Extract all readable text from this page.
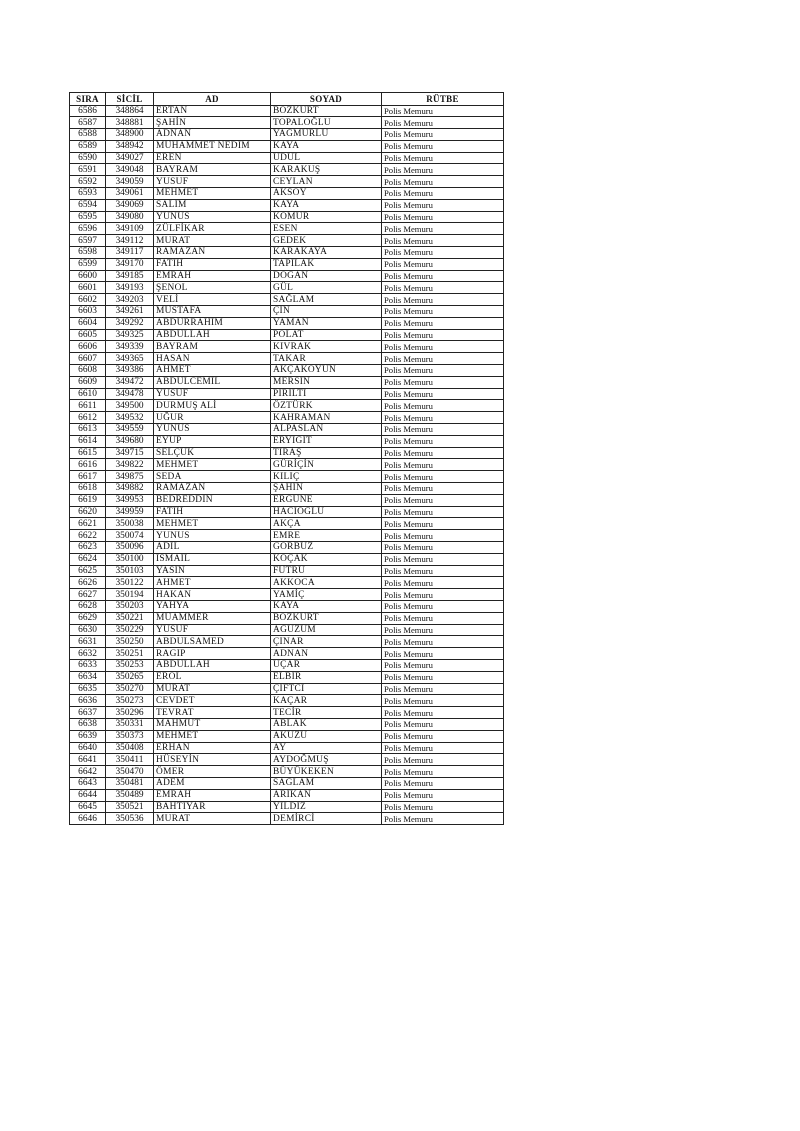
SIRA	SİCİL	AD	SOYAD	RÜTBE
6586	348864	ERTAN	BOZKURT	Polis Memuru
6587	348881	ŞAHİN	TOPALOĞLU	Polis Memuru
6588	348900	ADNAN	YAĞMURLU	Polis Memuru
6589	348942	MUHAMMET NEDİM	KAYA	Polis Memuru
6590	349027	EREN	UDÜL	Polis Memuru
6591	349048	BAYRAM	KARAKUŞ	Polis Memuru
6592	349059	YUSUF	CEYLAN	Polis Memuru
6593	349061	MEHMET	AKSOY	Polis Memuru
6594	349069	SALİM	KAYA	Polis Memuru
6595	349080	YUNUS	KÖMÜR	Polis Memuru
6596	349109	ZÜLFİKAR	ESEN	Polis Memuru
6597	349112	MURAT	GEDEK	Polis Memuru
6598	349117	RAMAZAN	KARAKAYA	Polis Memuru
6599	349170	FATİH	TAPILAK	Polis Memuru
6600	349185	EMRAH	DOĞAN	Polis Memuru
6601	349193	ŞENOL	GÜL	Polis Memuru
6602	349203	VELİ	SAĞLAM	Polis Memuru
6603	349261	MUSTAFA	ÇİN	Polis Memuru
6604	349292	ABDURRAHİM	YAMAN	Polis Memuru
6605	349325	ABDULLAH	POLAT	Polis Memuru
6606	349339	BAYRAM	KIVRAK	Polis Memuru
6607	349365	HASAN	TAKAR	Polis Memuru
6608	349386	AHMET	AKÇAKOYUN	Polis Memuru
6609	349472	ABDULCEMİL	MERSİN	Polis Memuru
6610	349478	YUSUF	PIRILTI	Polis Memuru
6611	349500	DURMUŞ ALİ	ÖZTÜRK	Polis Memuru
6612	349532	UĞUR	KAHRAMAN	Polis Memuru
6613	349559	YUNUS	ALPASLAN	Polis Memuru
6614	349680	EYÜP	ERYİĞİT	Polis Memuru
6615	349715	SELÇUK	TIRAŞ	Polis Memuru
6616	349822	MEHMET	GÜRİÇİN	Polis Memuru
6617	349875	SEDA	KILIÇ	Polis Memuru
6618	349882	RAMAZAN	ŞAHİN	Polis Memuru
6619	349953	BEDREDDİN	ERGÜNE	Polis Memuru
6620	349959	FATİH	HACIOĞLU	Polis Memuru
6621	350038	MEHMET	AKÇA	Polis Memuru
6622	350074	YUNUS	EMRE	Polis Memuru
6623	350096	ADİL	GÖRBÜZ	Polis Memuru
6624	350100	İSMAİL	KOÇAK	Polis Memuru
6625	350103	YASİN	FÜTRÜ	Polis Memuru
6626	350122	AHMET	AKKOCA	Polis Memuru
6627	350194	HAKAN	YAMİÇ	Polis Memuru
6628	350203	YAHYA	KAYA	Polis Memuru
6629	350221	MUAMMER	BOZKURT	Polis Memuru
6630	350229	YUSUF	AĞÜZÜM	Polis Memuru
6631	350250	ABDULSAMED	ÇINAR	Polis Memuru
6632	350251	RAGIP	ADNAN	Polis Memuru
6633	350253	ABDULLAH	UÇAR	Polis Memuru
6634	350265	EROL	ELBİR	Polis Memuru
6635	350270	MURAT	ÇİFTCİ	Polis Memuru
6636	350273	CEVDET	KAÇAR	Polis Memuru
6637	350296	TEVRAT	TECİR	Polis Memuru
6638	350331	MAHMUT	ABLAK	Polis Memuru
6639	350373	MEHMET	AKUZU	Polis Memuru
6640	350408	ERHAN	AY	Polis Memuru
6641	350411	HÜSEYİN	AYDOĞMUŞ	Polis Memuru
6642	350470	ÖMER	BÜYÜKEKEN	Polis Memuru
6643	350481	ADEM	SAĞLAM	Polis Memuru
6644	350489	EMRAH	ARIKAN	Polis Memuru
6645	350521	BAHTİYAR	YILDIZ	Polis Memuru
6646	350536	MURAT	DEMİRCİ	Polis Memuru
